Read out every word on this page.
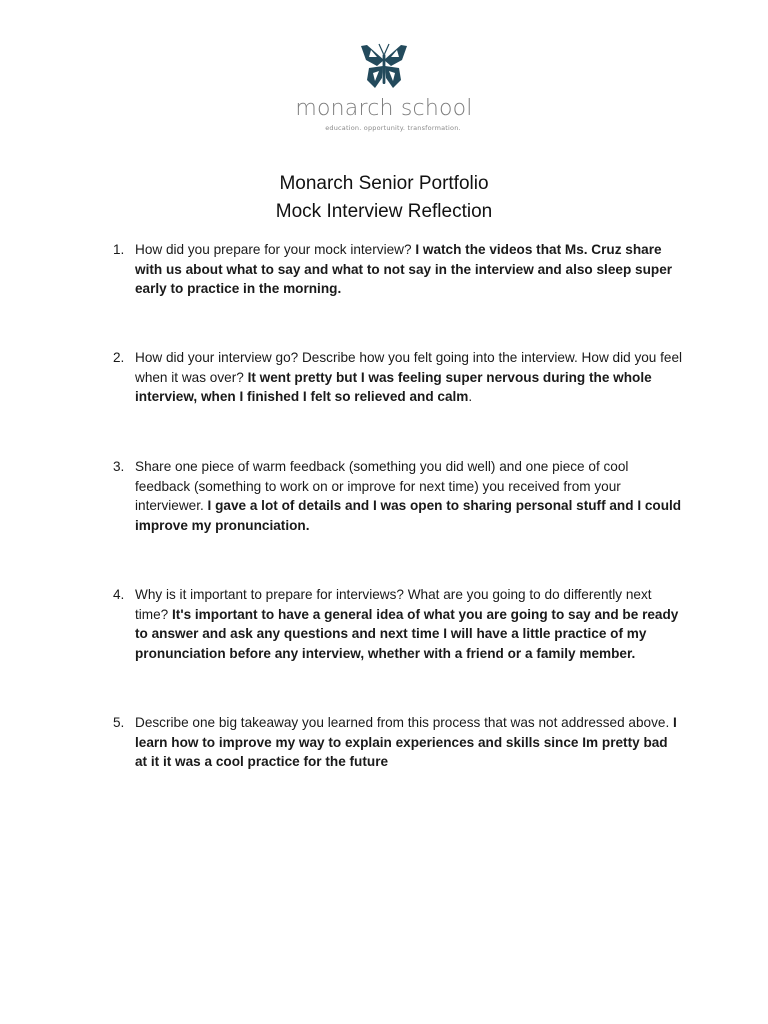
monarch school
education. opportunity. transformation.
Monarch Senior Portfolio
Mock Interview Reflection
1. How did you prepare for your mock interview? I watch the videos that Ms. Cruz share with us about what to say and what to not say in the interview and also sleep super early to practice in the morning.
2. How did your interview go? Describe how you felt going into the interview. How did you feel when it was over? It went pretty but I was feeling super nervous during the whole interview, when I finished I felt so relieved and calm.
3. Share one piece of warm feedback (something you did well) and one piece of cool feedback (something to work on or improve for next time) you received from your interviewer. I gave a lot of details and I was open to sharing personal stuff and I could improve my pronunciation.
4. Why is it important to prepare for interviews? What are you going to do differently next time? It's important to have a general idea of what you are going to say and be ready to answer and ask any questions and next time I will have a little practice of my pronunciation before any interview, whether with a friend or a family member.
5. Describe one big takeaway you learned from this process that was not addressed above. I learn how to improve my way to explain experiences and skills since Im pretty bad at it it was a cool practice for the future
